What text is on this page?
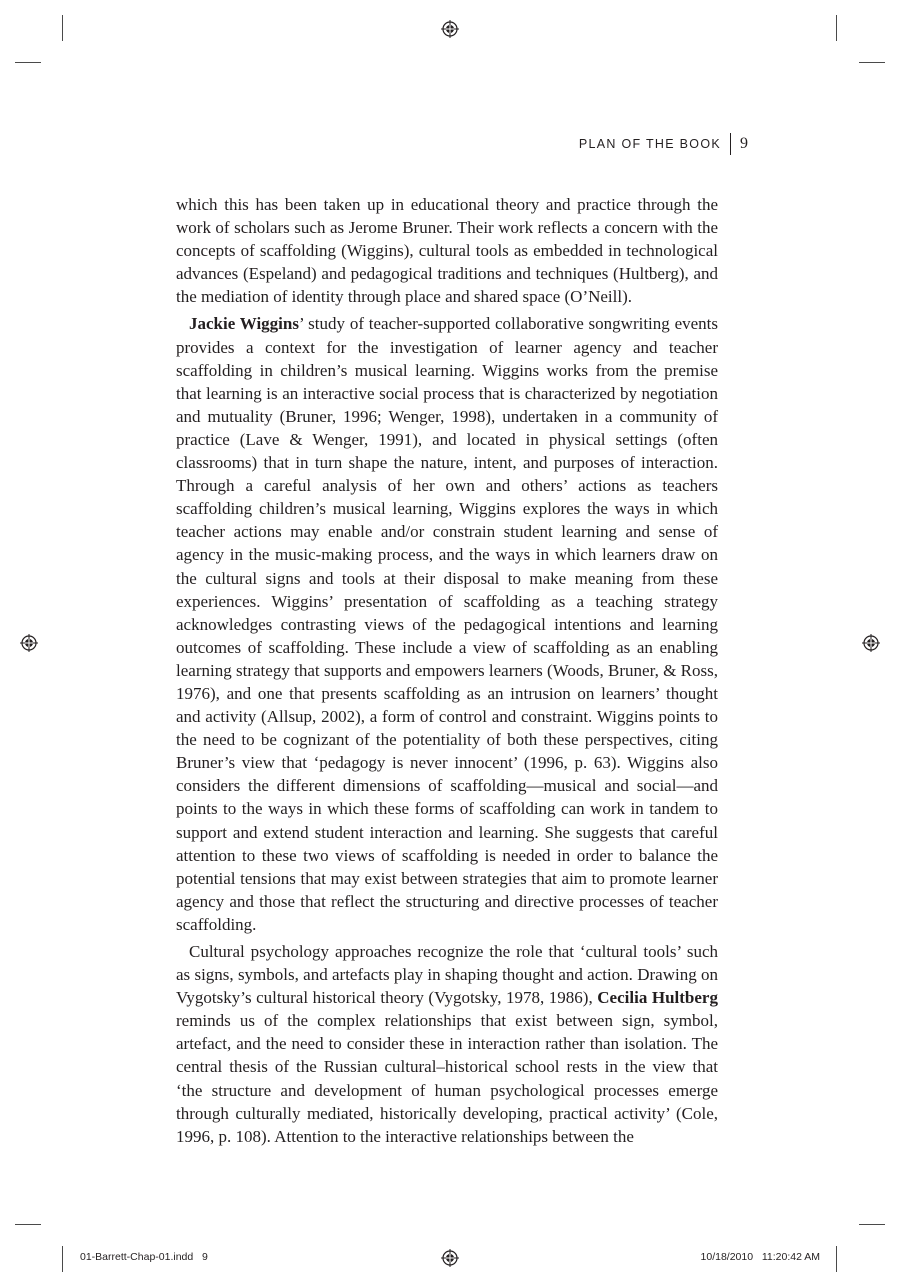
PLAN OF THE BOOK 9

which this has been taken up in educational theory and practice through the work of scholars such as Jerome Bruner. Their work reflects a concern with the concepts of scaffolding (Wiggins), cultural tools as embedded in technological advances (Espeland) and pedagogical traditions and techniques (Hultberg), and the mediation of identity through place and shared space (O’Neill).

Jackie Wiggins’ study of teacher-supported collaborative songwriting events provides a context for the investigation of learner agency and teacher scaffolding in children’s musical learning. Wiggins works from the premise that learning is an interactive social process that is characterized by negotiation and mutuality (Bruner, 1996; Wenger, 1998), undertaken in a community of practice (Lave & Wenger, 1991), and located in physical settings (often classrooms) that in turn shape the nature, intent, and purposes of interaction. Through a careful analysis of her own and others’ actions as teachers scaffolding children’s musical learning, Wiggins explores the ways in which teacher actions may enable and/or constrain student learning and sense of agency in the music-making process, and the ways in which learners draw on the cultural signs and tools at their disposal to make meaning from these experiences. Wiggins’ presentation of scaffolding as a teaching strategy acknowledges contrasting views of the pedagogical intentions and learning outcomes of scaffolding. These include a view of scaffolding as an enabling learning strategy that supports and empowers learners (Woods, Bruner, & Ross, 1976), and one that presents scaffolding as an intrusion on learners’ thought and activity (Allsup, 2002), a form of control and constraint. Wiggins points to the need to be cognizant of the potentiality of both these perspectives, citing Bruner’s view that ‘pedagogy is never innocent’ (1996, p. 63). Wiggins also considers the different dimensions of scaffolding—musical and social—and points to the ways in which these forms of scaffolding can work in tandem to support and extend student interaction and learning. She suggests that careful attention to these two views of scaffolding is needed in order to balance the potential tensions that may exist between strategies that aim to promote learner agency and those that reflect the structuring and directive processes of teacher scaffolding.

Cultural psychology approaches recognize the role that ‘cultural tools’ such as signs, symbols, and artefacts play in shaping thought and action. Drawing on Vygotsky’s cultural historical theory (Vygotsky, 1978, 1986), Cecilia Hultberg reminds us of the complex relationships that exist between sign, symbol, artefact, and the need to consider these in interaction rather than isolation. The central thesis of the Russian cultural–historical school rests in the view that ‘the structure and development of human psychological processes emerge through culturally mediated, historically developing, practical activity’ (Cole, 1996, p. 108). Attention to the interactive relationships between the

01-Barrett-Chap-01.indd   9	10/18/2010   11:20:42 AM
